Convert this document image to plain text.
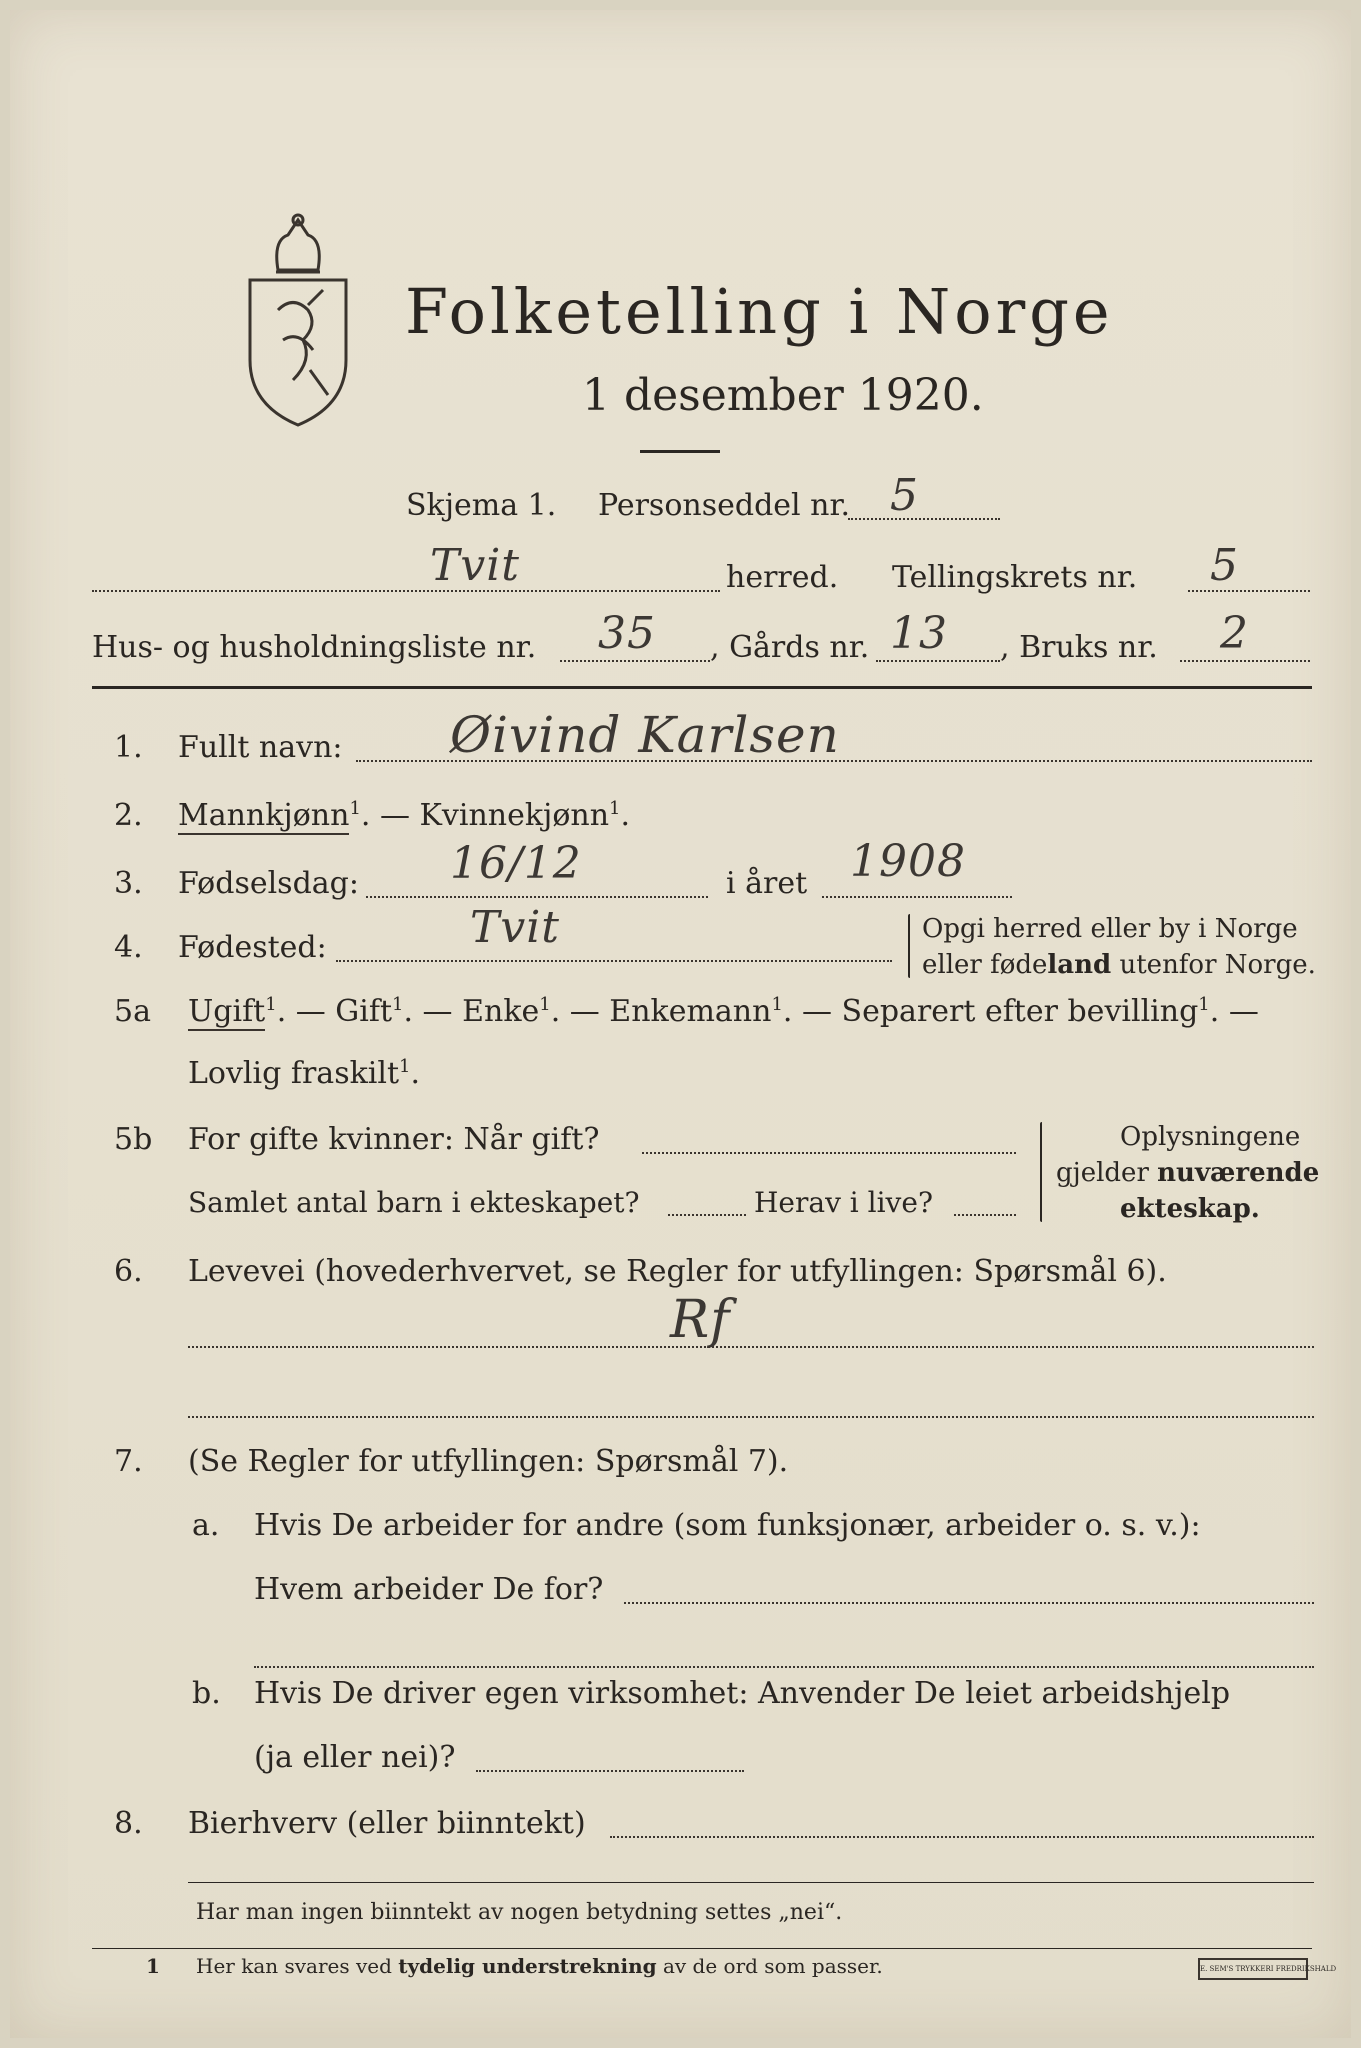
Folketelling i Norge
1 desember 1920.
Skjema 1. Personseddel nr. 5
Tvit	herred. Tellingskrets nr. 5
Hus- og husholdningsliste nr. 35 , Gårds nr. 13 , Bruks nr. 2
1. Fullt navn: Øivind Karlsen
2. Mannkjønn$^1$. — Kvinnekjønn$^1$.
3. Fødselsdag: 16/12	i året 1908
4. Fødested:	Tvit	Opgi herred eller by i Norge
eller fødeland utenfor Norge.
5a Ugift$^1$. — Gift$^1$. — Enke$^1$. — Enkemann$^1$. — Separert efter bevilling$^1$. —
Lovlig fraskilt$^1$.
5b For gifte kvinner: Når gift?
Samlet antal barn i ekteskapet?	Herav i live?
Oplysningene
gjelder nuværende
ekteskap.
6. Levevei (hovederhvervet, se Regler for utfyllingen: Spørsmål 6).
Rf
7. (Se Regler for utfyllingen: Spørsmål 7).
a. Hvis De arbeider for andre (som funksjonær, arbeider o. s. v.):
Hvem arbeider De for?
b. Hvis De driver egen virksomhet: Anvender De leiet arbeidshjelp
(ja eller nei)?
8. Bierhverv (eller biinntekt)
Har man ingen biinntekt av nogen betydning settes „nei“.
1 Her kan svares ved tydelig understrekning av de ord som passer.	E. SEM'S TRYKKERI FREDRIKSHALD
